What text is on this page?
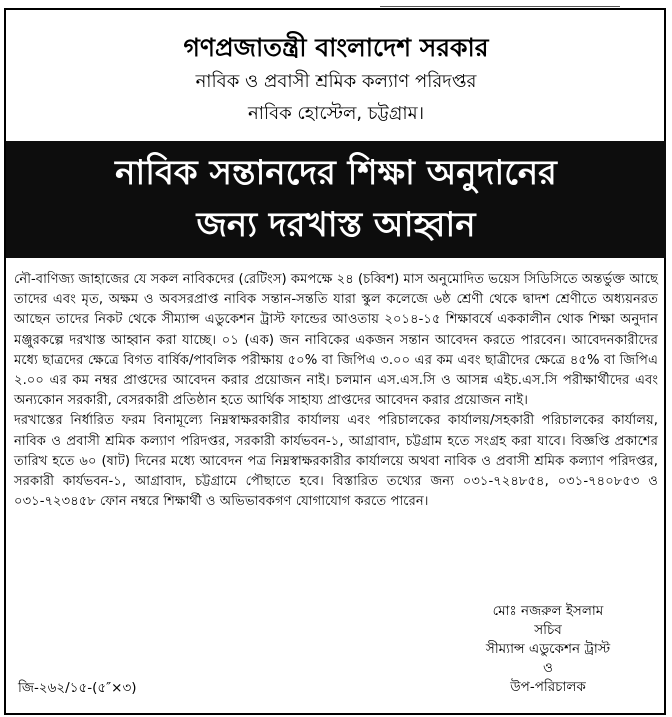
গণপ্রজাতন্ত্রী বাংলাদেশ সরকার
নাবিক ও প্রবাসী শ্রমিক কল্যাণ পরিদপ্তর
নাবিক হোস্টেল, চট্টগ্রাম।
নাবিক সন্তানদের শিক্ষা অনুদানের
জন্য দরখাস্ত আহ্বান

নৌ-বাণিজ্য জাহাজের যে সকল নাবিকদের (রেটিংস) কমপক্ষে ২৪ (চব্বিশ) মাস অনুমোদিত ভয়েস সিডিসিতে অন্তর্ভুক্ত আছে তাদের এবং মৃত, অক্ষম ও অবসরপ্রাপ্ত নাবিক সন্তান-সন্ততি যারা স্কুল কলেজে ৬ষ্ঠ শ্রেণী থেকে দ্বাদশ শ্রেণীতে অধ্যয়নরত আছেন তাদের নিকট থেকে সীম্যান্স এডুকেশন ট্রাস্ট ফান্ডের আওতায় ২০১৪-১৫ শিক্ষাবর্ষে এককালীন থোক শিক্ষা অনুদান মঞ্জুরকল্পে দরখাস্ত আহ্বান করা যাচ্ছে। ০১ (এক) জন নাবিকের একজন সন্তান আবেদন করতে পারবেন। আবেদনকারীদের মধ্যে ছাত্রদের ক্ষেত্রে বিগত বার্ষিক/পাবলিক পরীক্ষায় ৫০% বা জিপিএ ৩.০০ এর কম এবং ছাত্রীদের ক্ষেত্রে ৪৫% বা জিপিএ ২.০০ এর কম নম্বর প্রাপ্তদের আবেদন করার প্রয়োজন নাই। চলমান এস.এস.সি ও আসন্ন এইচ.এস.সি পরীক্ষার্থীদের এবং অন্যকোন সরকারী, বেসরকারী প্রতিষ্ঠান হতে আর্থিক সাহায্য প্রাপ্তদের আবেদন করার প্রয়োজন নাই।

দরখাস্তের নির্ধারিত ফরম বিনামূল্যে নিম্নস্বাক্ষরকারীর কার্যালয় এবং পরিচালকের কার্যালয়/সহকারী পরিচালকের কার্যালয়, নাবিক ও প্রবাসী শ্রমিক কল্যাণ পরিদপ্তর, সরকারী কার্যভবন-১, আগ্রাবাদ, চট্টগ্রাম হতে সংগ্রহ করা যাবে। বিজ্ঞপ্তি প্রকাশের তারিখ হতে ৬০ (ষাট) দিনের মধ্যে আবেদন পত্র নিম্নস্বাক্ষরকারীর কার্যালয়ে অথবা নাবিক ও প্রবাসী শ্রমিক কল্যাণ পরিদপ্তর, সরকারী কার্যভবন-১, আগ্রাবাদ, চট্টগ্রামে পৌছাতে হবে। বিস্তারিত তথ্যের জন্য ০৩১-৭২৪৮৫৪, ০৩১-৭৪০৮৫৩ ও ০৩১-৭২৩৪৫৮ ফোন নম্বরে শিক্ষার্থী ও অভিভাবকগণ যোগাযোগ করতে পারেন।

মোঃ নজরুল ইসলাম
সচিব
সীম্যান্স এডুকেশন ট্রাস্ট
ও
উপ-পরিচালক
জি-২৬২/১৫-(৫″×৩)
